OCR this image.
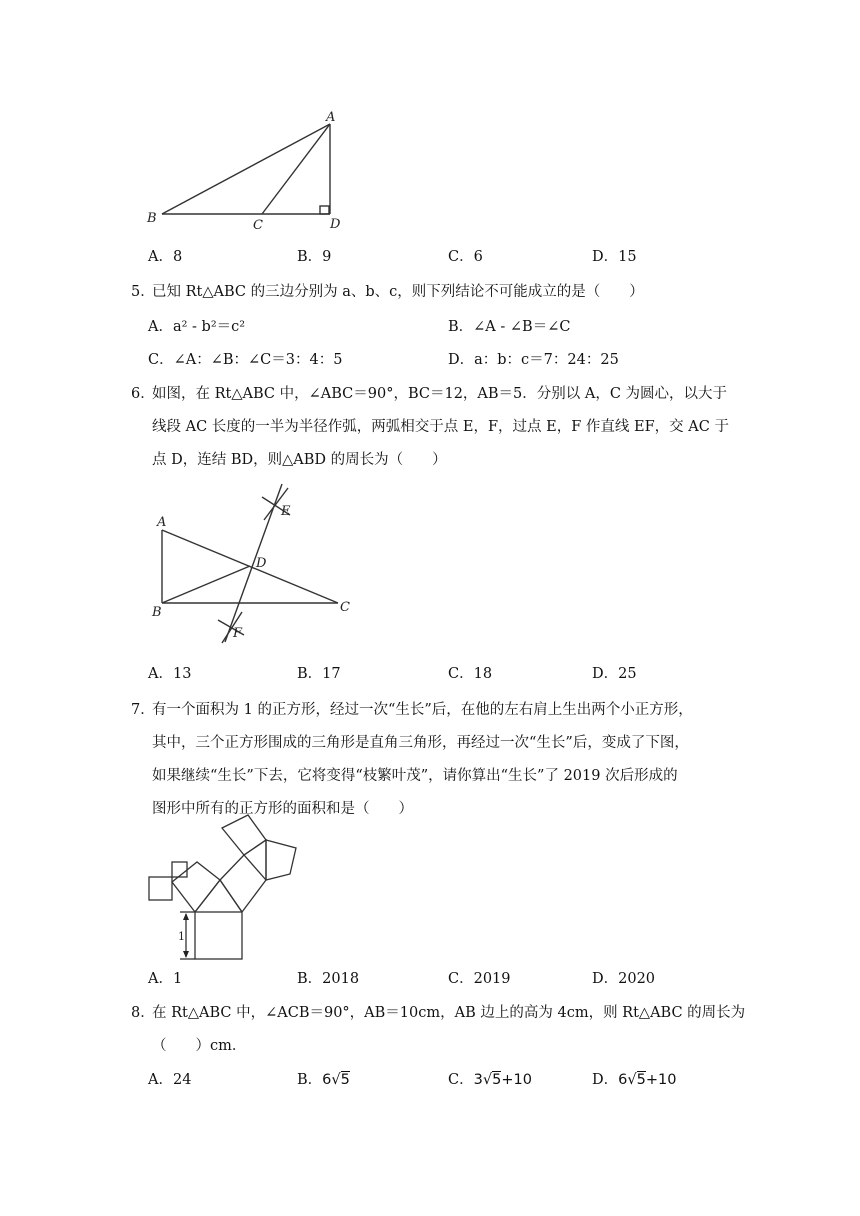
A
B	C	D
A．8	B．9	C．6	D．15
5．
已知 Rt△ABC 的三边分别为 a、b、c，则下列结论不可能成立的是（　　）
A．a² - b²＝c²	B．∠A - ∠B＝∠C
C．∠A：∠B：∠C＝3：4：5	D．a：b：c＝7：24：25
6．
如图，在 Rt△ABC 中，∠ABC＝90°，BC＝12，AB＝5．分别以 A，C 为圆心，以大于
线段 AC 长度的一半为半径作弧，两弧相交于点 E，F，过点 E，F 作直线 EF，交 AC 于
点 D，连结 BD，则△ABD 的周长为（　　）
A
B	C
D
E
F
A．13	B．17	C．18	D．25
7．
有一个面积为 1 的正方形，经过一次“生长”后，在他的左右肩上生出两个小正方形，
其中，三个正方形围成的三角形是直角三角形，再经过一次“生长”后，变成了下图，
如果继续“生长”下去，它将变得“枝繁叶茂”，请你算出“生长”了 2019 次后形成的
图形中所有的正方形的面积和是（　　）
1
A．1	B．2018	C．2019	D．2020
8．
在 Rt△ABC 中，∠ACB＝90°，AB＝10cm，AB 边上的高为 4cm，则 Rt△ABC 的周长为
（　　）cm．
A．24	B．6√5	C．3√5+10	D．6√5+10
